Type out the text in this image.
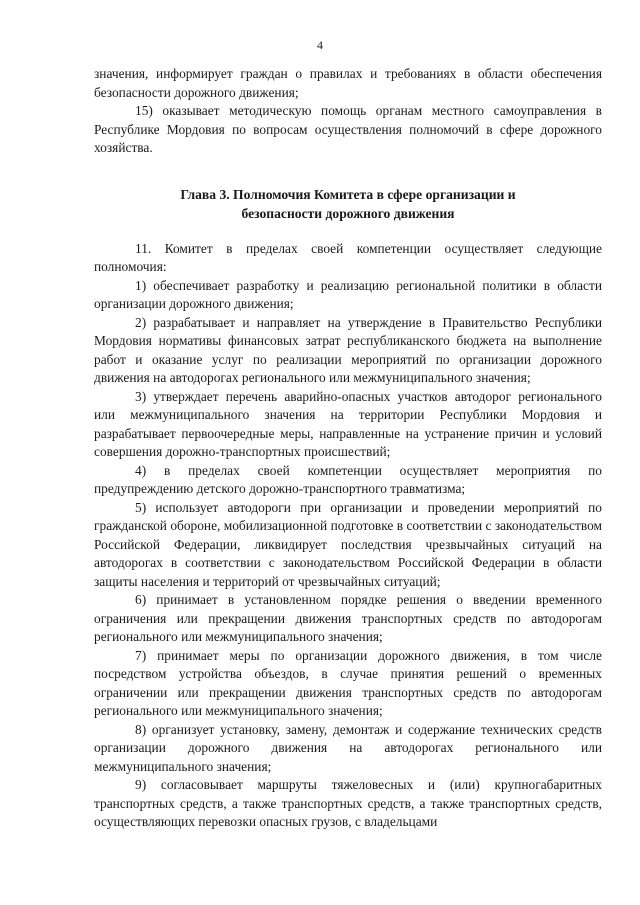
4

значения, информирует граждан о правилах и требованиях в области обеспечения безопасности дорожного движения;

15) оказывает методическую помощь органам местного самоуправления в Республике Мордовия по вопросам осуществления полномочий в сфере дорожного хозяйства.

Глава 3. Полномочия Комитета в сфере организации и
безопасности дорожного движения

11. Комитет в пределах своей компетенции осуществляет следующие полномочия:

1) обеспечивает разработку и реализацию региональной политики в области организации дорожного движения;

2) разрабатывает и направляет на утверждение в Правительство Республики Мордовия нормативы финансовых затрат республиканского бюджета на выполнение работ и оказание услуг по реализации мероприятий по организации дорожного движения на автодорогах регионального или межмуниципального значения;

3) утверждает перечень аварийно-опасных участков автодорог регионального или межмуниципального значения на территории Республики Мордовия и разрабатывает первоочередные меры, направленные на устранение причин и условий совершения дорожно-транспортных происшествий;

4) в пределах своей компетенции осуществляет мероприятия по предупреждению детского дорожно-транспортного травматизма;

5) использует автодороги при организации и проведении мероприятий по гражданской обороне, мобилизационной подготовке в соответствии с законодательством Российской Федерации, ликвидирует последствия чрезвычайных ситуаций на автодорогах в соответствии с законодательством Российской Федерации в области защиты населения и территорий от чрезвычайных ситуаций;

6) принимает в установленном порядке решения о введении временного ограничения или прекращении движения транспортных средств по автодорогам регионального или межмуниципального значения;

7) принимает меры по организации дорожного движения, в том числе посредством устройства объездов, в случае принятия решений о временных ограничении или прекращении движения транспортных средств по автодорогам регионального или межмуниципального значения;

8) организует установку, замену, демонтаж и содержание технических средств организации дорожного движения на автодорогах регионального или межмуниципального значения;

9) согласовывает маршруты тяжеловесных и (или) крупногабаритных транспортных средств, а также транспортных средств, а также транспортных средств, осуществляющих перевозки опасных грузов, с владельцами
